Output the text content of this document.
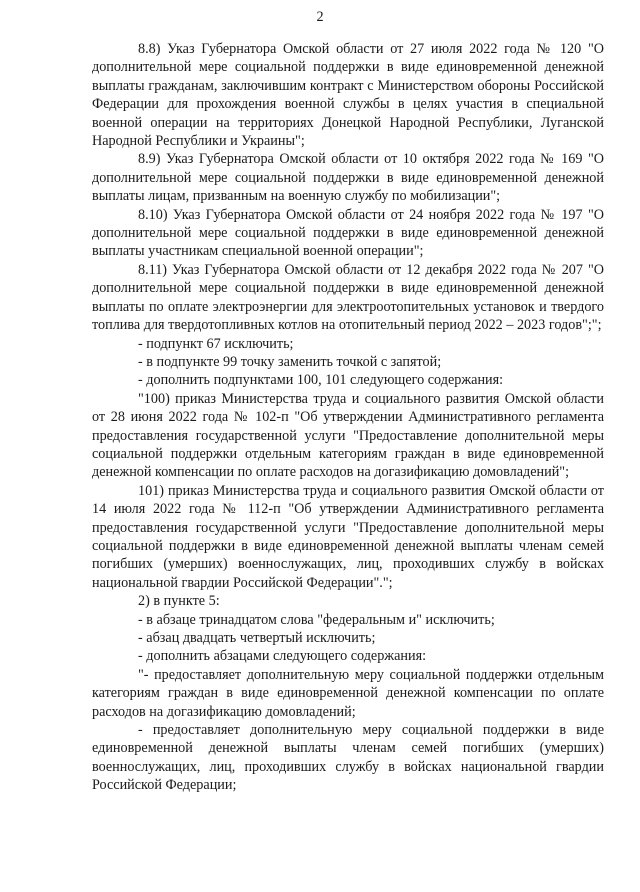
2

8.8) Указ Губернатора Омской области от 27 июля 2022 года № 120 "О дополнительной мере социальной поддержки в виде единовременной денежной выплаты гражданам, заключившим контракт с Министерством обороны Российской Федерации для прохождения военной службы в целях участия в специальной военной операции на территориях Донецкой Народной Республики, Луганской Народной Республики и Украины";

8.9) Указ Губернатора Омской области от 10 октября 2022 года № 169 "О дополнительной мере социальной поддержки в виде единовременной денежной выплаты лицам, призванным на военную службу по мобилизации";

8.10) Указ Губернатора Омской области от 24 ноября 2022 года № 197 "О дополнительной мере социальной поддержки в виде единовременной денежной выплаты участникам специальной военной операции";

8.11) Указ Губернатора Омской области от 12 декабря 2022 года № 207 "О дополнительной мере социальной поддержки в виде единовременной денежной выплаты по оплате электроэнергии для электроотопительных установок и твердого топлива для твердотопливных котлов на отопительный период 2022 – 2023 годов";";

- подпункт 67 исключить;

- в подпункте 99 точку заменить точкой с запятой;

- дополнить подпунктами 100, 101 следующего содержания:

"100) приказ Министерства труда и социального развития Омской области от 28 июня 2022 года № 102-п "Об утверждении Административного регламента предоставления государственной услуги "Предоставление дополнительной меры социальной поддержки отдельным категориям граждан в виде единовременной денежной компенсации по оплате расходов на догазификацию домовладений";

101) приказ Министерства труда и социального развития Омской области от 14 июля 2022 года № 112-п "Об утверждении Административного регламента предоставления государственной услуги "Предоставление дополнительной меры социальной поддержки в виде единовременной денежной выплаты членам семей погибших (умерших) военнослужащих, лиц, проходивших службу в войсках национальной гвардии Российской Федерации".";

2) в пункте 5:

- в абзаце тринадцатом слова "федеральным и" исключить;

- абзац двадцать четвертый исключить;

- дополнить абзацами следующего содержания:

"- предоставляет дополнительную меру социальной поддержки отдельным категориям граждан в виде единовременной денежной компенсации по оплате расходов на догазификацию домовладений;

- предоставляет дополнительную меру социальной поддержки в виде единовременной денежной выплаты членам семей погибших (умерших) военнослужащих, лиц, проходивших службу в войсках национальной гвардии Российской Федерации;
